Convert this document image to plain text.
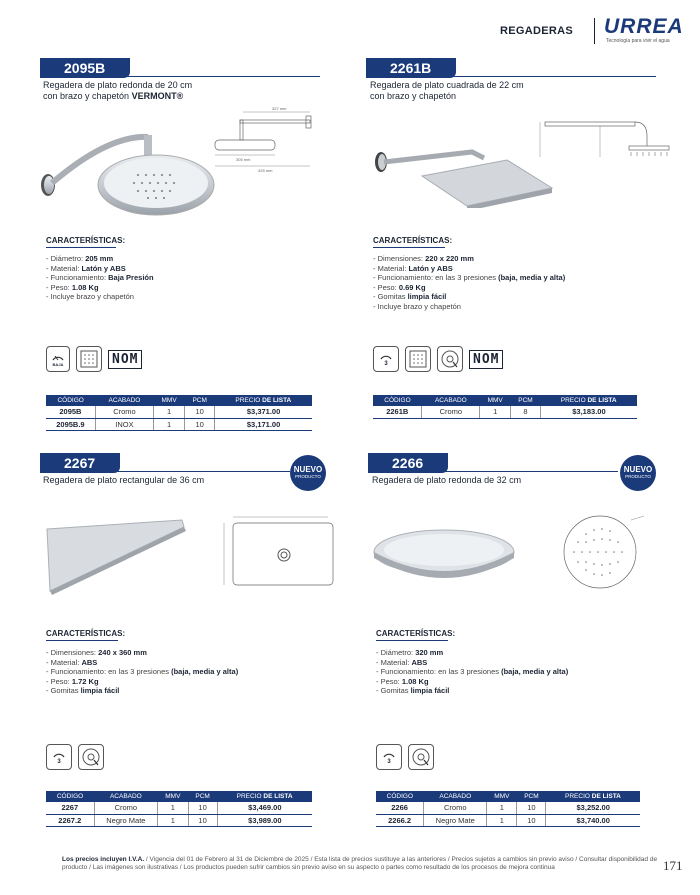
REGADERAS URREA
Tecnología para vivir el agua
2095B
Regadera de plato redonda de 20 cm
con brazo y chapetón VERMONT®
327 mm
305 mm
425 mm
CARACTERÍSTICAS:
- Diámetro: 205 mm
- Material: Latón y ABS
- Funcionamiento: Baja Presión
- Peso: 1.08 Kg
- Incluye brazo y chapetón
BAJA	NOM
CÓDIGO	ACABADO	MMV	PCM	PRECIO DE LISTA
2095B	Cromo	1	10	$3,371.00
2095B.9	INOX	1	10	$3,171.00
2261B
Regadera de plato cuadrada de 22 cm
con brazo y chapetón
CARACTERÍSTICAS:
- Dimensiones: 220 x 220 mm
- Material: Latón y ABS
- Funcionamiento: en las 3 presiones (baja, media y alta)
- Peso: 0.69 Kg
- Gomitas limpia fácil
- Incluye brazo y chapetón
3	NOM
CÓDIGO	ACABADO	MMV	PCM	PRECIO DE LISTA
2261B	Cromo	1	8	$3,183.00
2267	NUEVO
PRODUCTO
Regadera de plato rectangular de 36 cm
CARACTERÍSTICAS:
- Dimensiones: 240 x 360 mm
- Material: ABS
- Funcionamiento: en las 3 presiones (baja, media y alta)
- Peso: 1.72 Kg
- Gomitas limpia fácil
3
CÓDIGO	ACABADO	MMV	PCM	PRECIO DE LISTA
2267	Cromo	1	10	$3,469.00
2267.2	Negro Mate	1	10	$3,989.00
2266	NUEVO
PRODUCTO
Regadera de plato redonda de 32 cm
CARACTERÍSTICAS:
- Diámetro: 320 mm
- Material: ABS
- Funcionamiento: en las 3 presiones (baja, media y alta)
- Peso: 1.08 Kg
- Gomitas limpia fácil
3
CÓDIGO	ACABADO	MMV	PCM	PRECIO DE LISTA
2266	Cromo	1	10	$3,252.00
2266.2	Negro Mate	1	10	$3,740.00
Los precios incluyen I.V.A. / Vigencia del 01 de Febrero al 31 de Diciembre de 2025 / Esta lista de precios sustituye a las anteriores / Precios sujetos a cambios sin previo aviso / Consultar disponibilidad de producto / Las imágenes son ilustrativas / Los productos pueden sufrir cambios sin previo aviso en su aspecto o partes como resultado de los procesos de mejora continua	171
